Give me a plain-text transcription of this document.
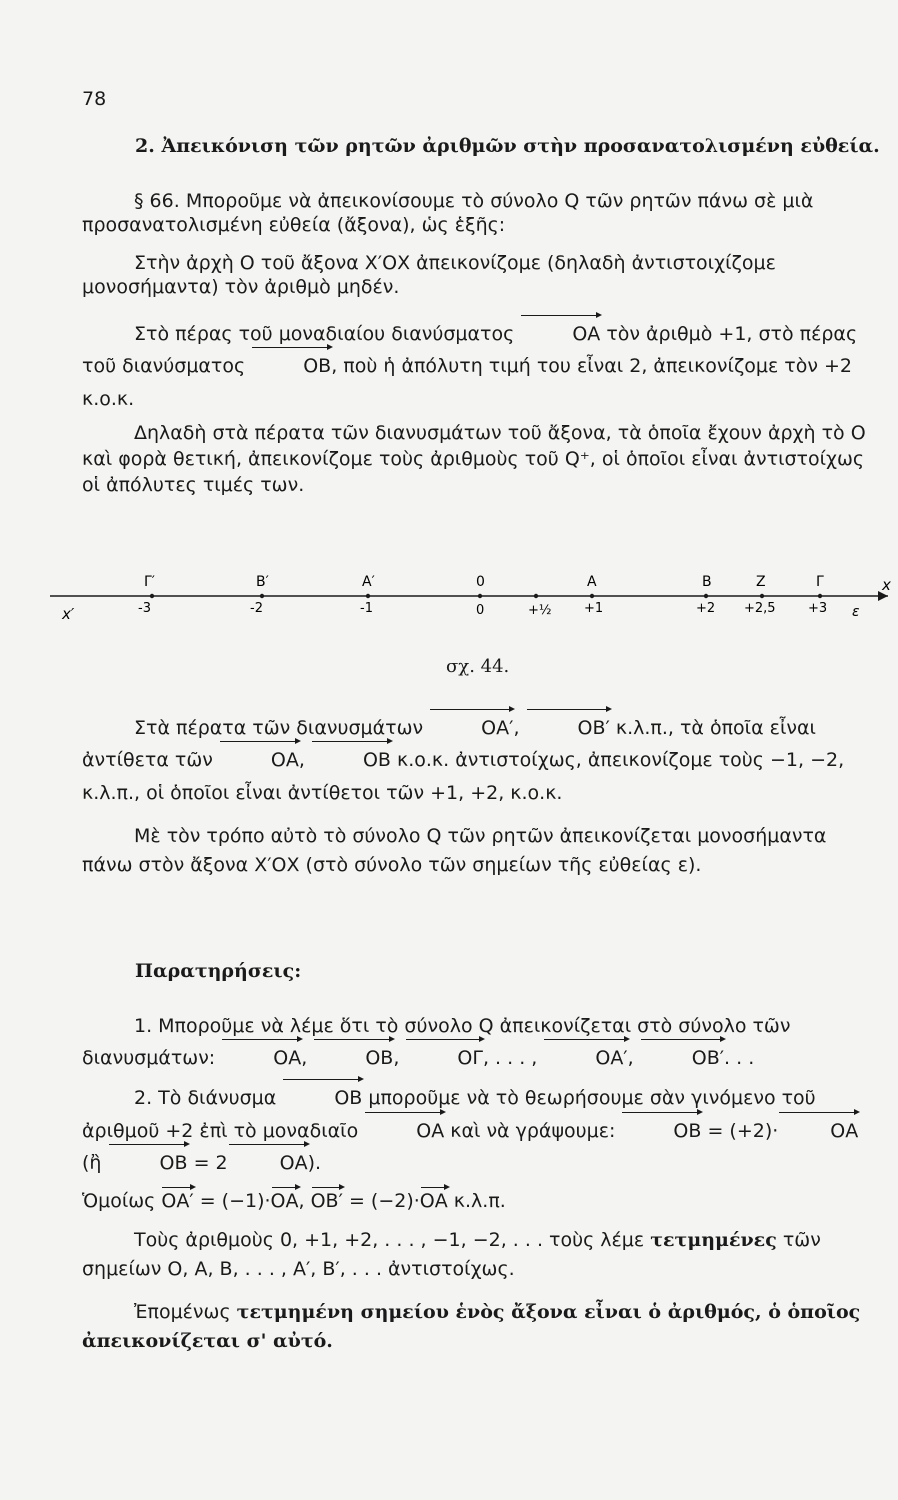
78
2. Ἀπεικόνιση τῶν ρητῶν ἀριθμῶν στὴν προσανατολισμένη εὐθεία.
§ 66. Μποροῦμε νὰ ἀπεικονίσουμε τὸ σύνολο Q τῶν ρητῶν πάνω σὲ μιὰ προσανατολισμένη εὐθεία (ἄξονα), ὡς ἑξῆς:
Στὴν ἀρχὴ Ο τοῦ ἄξονα Χ′ΟΧ ἀπεικονίζομε (δηλαδὴ ἀντιστοιχίζομε μονοσήμαντα) τὸν ἀριθμὸ μηδέν.
Στὸ πέρας τοῦ μοναδιαίου διανύσματος	ΟΑ τὸν ἀριθμὸ +1, στὸ πέρας τοῦ διανύσματος	ΟΒ, ποὺ ἡ ἀπόλυτη τιμή του εἶναι 2, ἀπεικονίζομε τὸν +2 κ.ο.κ.
Δηλαδὴ στὰ πέρατα τῶν διανυσμάτων τοῦ ἄξονα, τὰ ὁποῖα ἔχουν ἀρχὴ τὸ Ο καὶ φορὰ θετική, ἀπεικονίζομε τοὺς ἀριθμοὺς τοῦ Q⁺, οἱ ὁποῖοι εἶναι ἀντιστοίχως οἱ ἀπόλυτες τιμές των.
x′
x
ε
Γ′
-3
Β′
-2
Α′
-1
0
0	+½
Α
+1
Β
+2
Ζ
+2,5
Γ
+3
σχ. 44.
Στὰ πέρατα τῶν διανυσμάτων	ΟΑ′,	ΟΒ′ κ.λ.π., τὰ ὁποῖα εἶναι ἀντίθετα τῶν	ΟΑ,	ΟΒ κ.ο.κ. ἀντιστοίχως, ἀπεικονίζομε τοὺς −1, −2, κ.λ.π., οἱ ὁποῖοι εἶναι ἀντίθετοι τῶν +1, +2, κ.ο.κ.
Μὲ τὸν τρόπο αὐτὸ τὸ σύνολο Q τῶν ρητῶν ἀπεικονίζεται μονοσήμαντα πάνω στὸν ἄξονα Χ′ΟΧ (στὸ σύνολο τῶν σημείων τῆς εὐθείας ε).
Παρατηρήσεις:
1. Μποροῦμε νὰ λέμε ὅτι τὸ σύνολο Q ἀπεικονίζεται στὸ σύνολο τῶν διανυσμάτων:	ΟΑ,	ΟΒ,	ΟΓ, . . . ,	ΟΑ′,	ΟΒ′. . .
2. Τὸ διάνυσμα	ΟΒ μποροῦμε νὰ τὸ θεωρήσουμε σὰν γινόμενο τοῦ ἀριθμοῦ +2 ἐπὶ τὸ μοναδιαῖο	ΟΑ καὶ νὰ γράψουμε:	ΟΒ = (+2)·	ΟΑ (ἢ	ΟΒ = 2	ΟΑ).
Ὁμοίως ΟΑ′ = (−1)·ΟΑ, ΟΒ′ = (−2)·ΟΑ κ.λ.π.
Τοὺς ἀριθμοὺς 0, +1, +2, . . . , −1, −2, . . . τοὺς λέμε τετμημένες τῶν σημείων Ο, Α, Β, . . . , Α′, Β′, . . . ἀντιστοίχως.
Ἐπομένως τετμημένη σημείου ἑνὸς ἄξονα εἶναι ὁ ἀριθμός, ὁ ὁποῖος ἀπεικονίζεται σ' αὐτό.
